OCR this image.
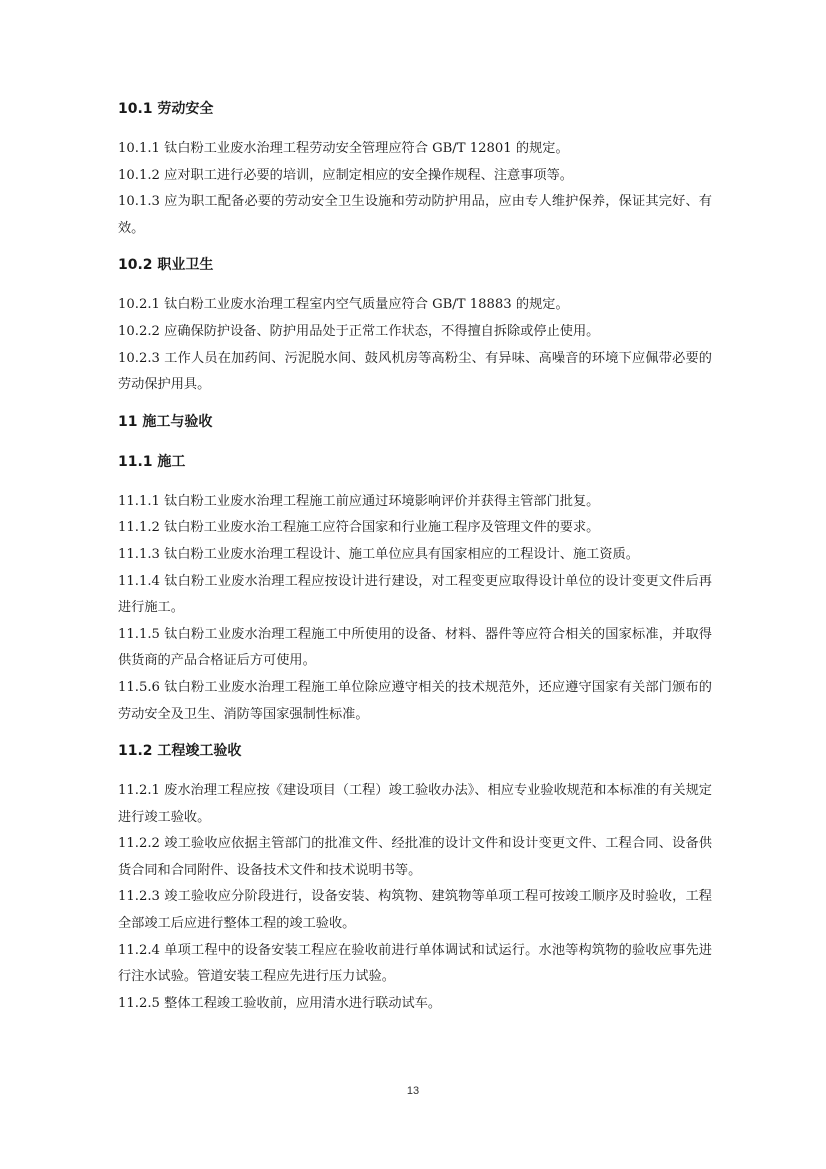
10.1 劳动安全

10.1.1 钛白粉工业废水治理工程劳动安全管理应符合 GB/T 12801 的规定。

10.1.2 应对职工进行必要的培训，应制定相应的安全操作规程、注意事项等。

10.1.3 应为职工配备必要的劳动安全卫生设施和劳动防护用品，应由专人维护保养，保证其完好、有效。

10.2 职业卫生

10.2.1 钛白粉工业废水治理工程室内空气质量应符合 GB/T 18883 的规定。

10.2.2 应确保防护设备、防护用品处于正常工作状态，不得擅自拆除或停止使用。

10.2.3 工作人员在加药间、污泥脱水间、鼓风机房等高粉尘、有异味、高噪音的环境下应佩带必要的劳动保护用具。

11 施工与验收
11.1 施工

11.1.1 钛白粉工业废水治理工程施工前应通过环境影响评价并获得主管部门批复。

11.1.2 钛白粉工业废水治工程施工应符合国家和行业施工程序及管理文件的要求。

11.1.3 钛白粉工业废水治理工程设计、施工单位应具有国家相应的工程设计、施工资质。

11.1.4 钛白粉工业废水治理工程应按设计进行建设，对工程变更应取得设计单位的设计变更文件后再进行施工。

11.1.5 钛白粉工业废水治理工程施工中所使用的设备、材料、器件等应符合相关的国家标准，并取得供货商的产品合格证后方可使用。

11.5.6 钛白粉工业废水治理工程施工单位除应遵守相关的技术规范外，还应遵守国家有关部门颁布的劳动安全及卫生、消防等国家强制性标准。

11.2 工程竣工验收

11.2.1 废水治理工程应按《建设项目（工程）竣工验收办法》、相应专业验收规范和本标准的有关规定进行竣工验收。

11.2.2 竣工验收应依据主管部门的批准文件、经批准的设计文件和设计变更文件、工程合同、设备供货合同和合同附件、设备技术文件和技术说明书等。

11.2.3 竣工验收应分阶段进行，设备安装、构筑物、建筑物等单项工程可按竣工顺序及时验收，工程全部竣工后应进行整体工程的竣工验收。

11.2.4 单项工程中的设备安装工程应在验收前进行单体调试和试运行。水池等构筑物的验收应事先进行注水试验。管道安装工程应先进行压力试验。

11.2.5 整体工程竣工验收前，应用清水进行联动试车。

13
